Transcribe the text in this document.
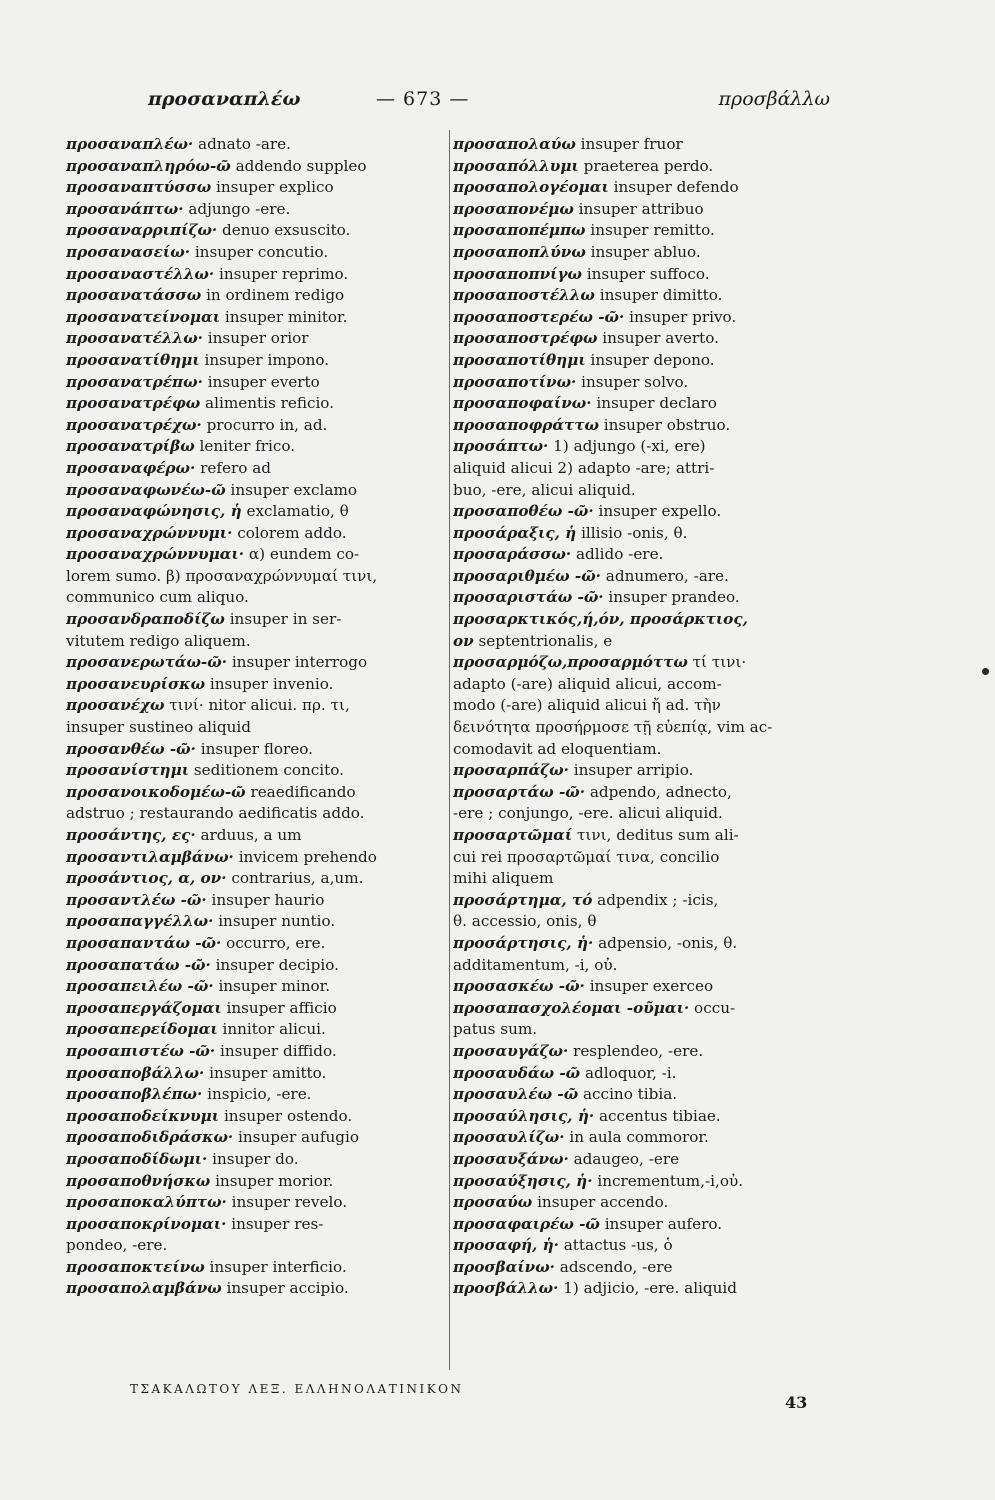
προσαναπλέω	— 673 —	προσβάλλω
προσαναπλέω· adnato -are.
προσαναπληρόω-ῶ addendo suppleo
προσαναπτύσσω insuper explico
προσανάπτω· adjungo -ere.
προσαναρριπίζω· denuo exsuscito.
προσανασείω· insuper concutio.
προσαναστέλλω· insuper reprimo.
προσανατάσσω in ordinem redigo
προσανατείνομαι insuper minitor.
προσανατέλλω· insuper orior
προσανατίθημι insuper impono.
προσανατρέπω· insuper everto
προσανατρέφω alimentis reficio.
προσανατρέχω· procurro in, ad.
προσανατρίβω leniter frico.
προσαναφέρω· refero ad
προσαναφωνέω-ῶ insuper exclamo
προσαναφώνησις, ἡ exclamatio, θ
προσαναχρώννυμι· colorem addo.
προσαναχρώννυμαι· α) eundem co-
lorem sumo. β) προσαναχρώννυμαί τινι,
communico cum aliquo.
προσανδραποδίζω insuper in ser-
vitutem redigo aliquem.
προσανερωτάω-ῶ· insuper interrogo
προσανευρίσκω insuper invenio.
προσανέχω τινί· nitor alicui. πρ. τι,
insuper sustineo aliquid
προσανθέω -ῶ· insuper floreo.
προσανίστημι seditionem concito.
προσανοικοδομέω-ῶ reaedificando
adstruo ; restaurando aedificatis addo.
προσάντης, ες· arduus, a um
προσαντιλαμβάνω· invicem prehendo
προσάντιος, α, ον· contrarius, a,um.
προσαντλέω -ῶ· insuper haurio
προσαπαγγέλλω· insuper nuntio.
προσαπαντάω -ῶ· occurro, ere.
προσαπατάω -ῶ· insuper decipio.
προσαπειλέω -ῶ· insuper minor.
προσαπεργάζομαι insuper afficio
προσαπερείδομαι innitor alicui.
προσαπιστέω -ῶ· insuper diffido.
προσαποβάλλω· insuper amitto.
προσαποβλέπω· inspicio, -ere.
προσαποδείκνυμι insuper ostendo.
προσαποδιδράσκω· insuper aufugio
προσαποδίδωμι· insuper do.
προσαποθνήσκω insuper morior.
προσαποκαλύπτω· insuper revelo.
προσαποκρίνομαι· insuper res-
pondeo, -ere.
προσαποκτείνω insuper interficio.
προσαπολαμβάνω insuper accipio.
προσαπολαύω insuper fruor
προσαπόλλυμι praeterea perdo.
προσαπολογέομαι insuper defendo
προσαπονέμω insuper attribuo
προσαποπέμπω insuper remitto.
προσαποπλύνω insuper abluo.
προσαποπνίγω insuper suffoco.
προσαποστέλλω insuper dimitto.
προσαποστερέω -ῶ· insuper privo.
προσαποστρέφω insuper averto.
προσαποτίθημι insuper depono.
προσαποτίνω· insuper solvo.
προσαποφαίνω· insuper declaro
προσαποφράττω insuper obstruo.
προσάπτω· 1) adjungo (-xi, ere)
aliquid alicui 2) adapto -are; attri-
buo, -ere, alicui aliquid.
προσαποθέω -ῶ· insuper expello.
προσάραξις, ἡ illisio -onis, θ.
προσαράσσω· adlido -ere.
προσαριθμέω -ῶ· adnumero, -are.
προσαριστάω -ῶ· insuper prandeo.
προσαρκτικός,ή,όν, προσάρκτιος,
ον septentrionalis, e
προσαρμόζω,προσαρμόττω τί τινι·
adapto (-are) aliquid alicui, accom-
modo (-are) aliquid alicui ἤ ad. τὴν
δεινότητα προσήρμοσε τῇ εὐεπίᾳ, vim ac-
comodavit ad eloquentiam.
προσαρπάζω· insuper arripio.
προσαρτάω -ῶ· adpendo, adnecto,
-ere ; conjungo, -ere. alicui aliquid.
προσαρτῶμαί τινι, deditus sum ali-
cui rei προσαρτῶμαί τινα, concilio
mihi aliquem
προσάρτημα, τό adpendix ; -icis,
θ. accessio, onis, θ
προσάρτησις, ἡ· adpensio, -onis, θ.
additamentum, -i, οὐ.
προσασκέω -ῶ· insuper exerceo
προσαπασχολέομαι -οῦμαι· occu-
patus sum.
προσαυγάζω· resplendeo, -ere.
προσαυδάω -ῶ adloquor, -i.
προσαυλέω -ῶ accino tibia.
προσαύλησις, ἡ· accentus tibiae.
προσαυλίζω· in aula commoror.
προσαυξάνω· adaugeo, -ere
προσαύξησις, ἡ· incrementum,-i,οὐ.
προσαύω insuper accendo.
προσαφαιρέω -ῶ insuper aufero.
προσαφή, ἡ· attactus -us, ὁ
προσβαίνω· adscendo, -ere
προσβάλλω· 1) adjicio, -ere. aliquid
ΤΣΑΚΑΛΩΤΟΥ ΛΕΞ. ΕΛΛΗΝΟΛΑΤΙΝΙΚΟΝ
43
